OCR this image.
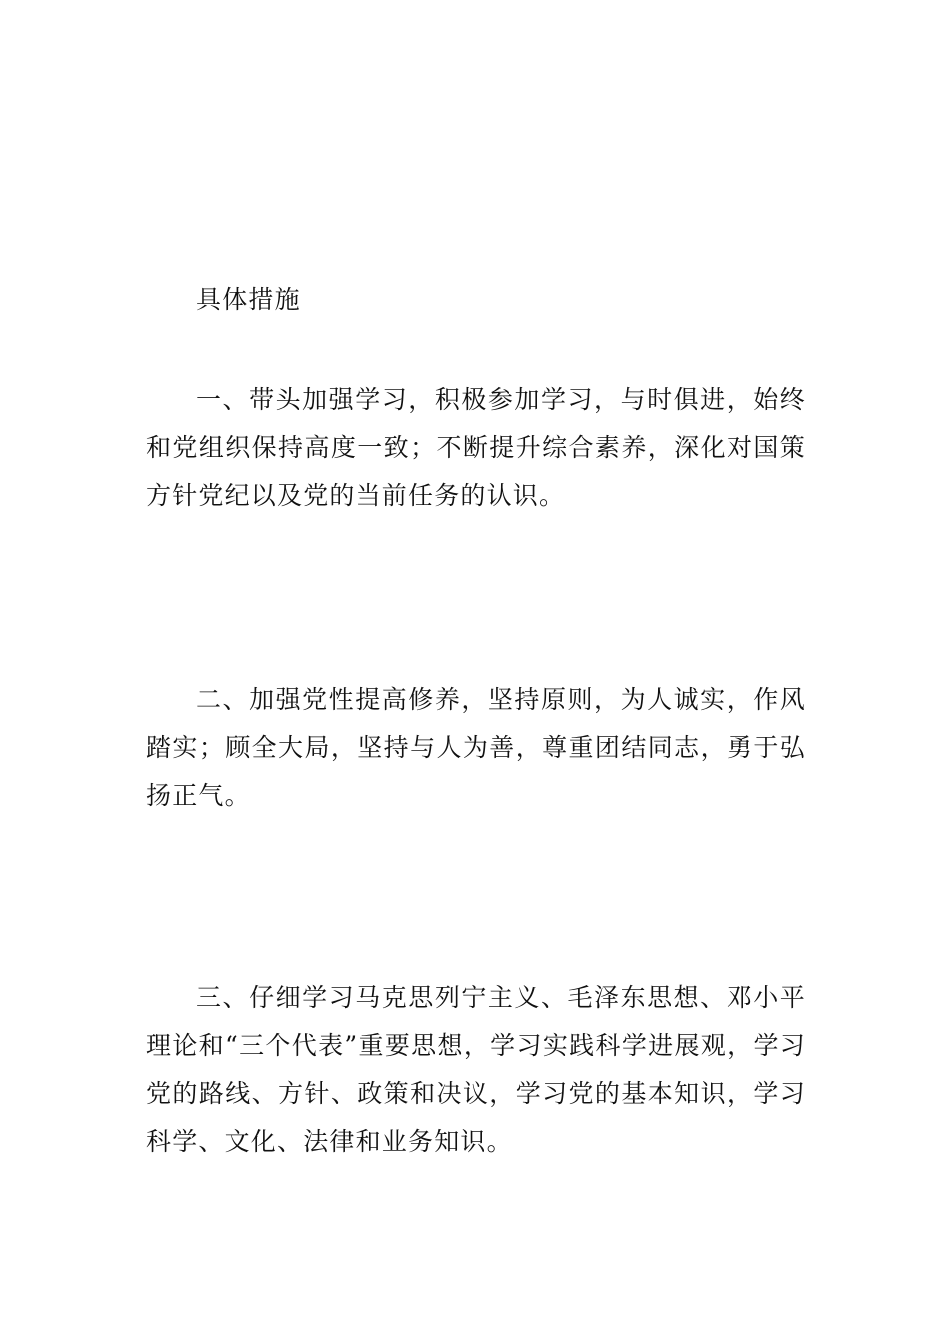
具体措施

一、带头加强学习，积极参加学习，与时俱进，始终和党组织保持高度一致；不断提升综合素养，深化对国策方针党纪以及党的当前任务的认识。

二、加强党性提高修养，坚持原则，为人诚实，作风踏实；顾全大局，坚持与人为善，尊重团结同志，勇于弘扬正气。

三、仔细学习马克思列宁主义、毛泽东思想、邓小平理论和“三个代表”重要思想，学习实践科学进展观，学习党的路线、方针、政策和决议，学习党的基本知识，学习科学、文化、法律和业务知识。
